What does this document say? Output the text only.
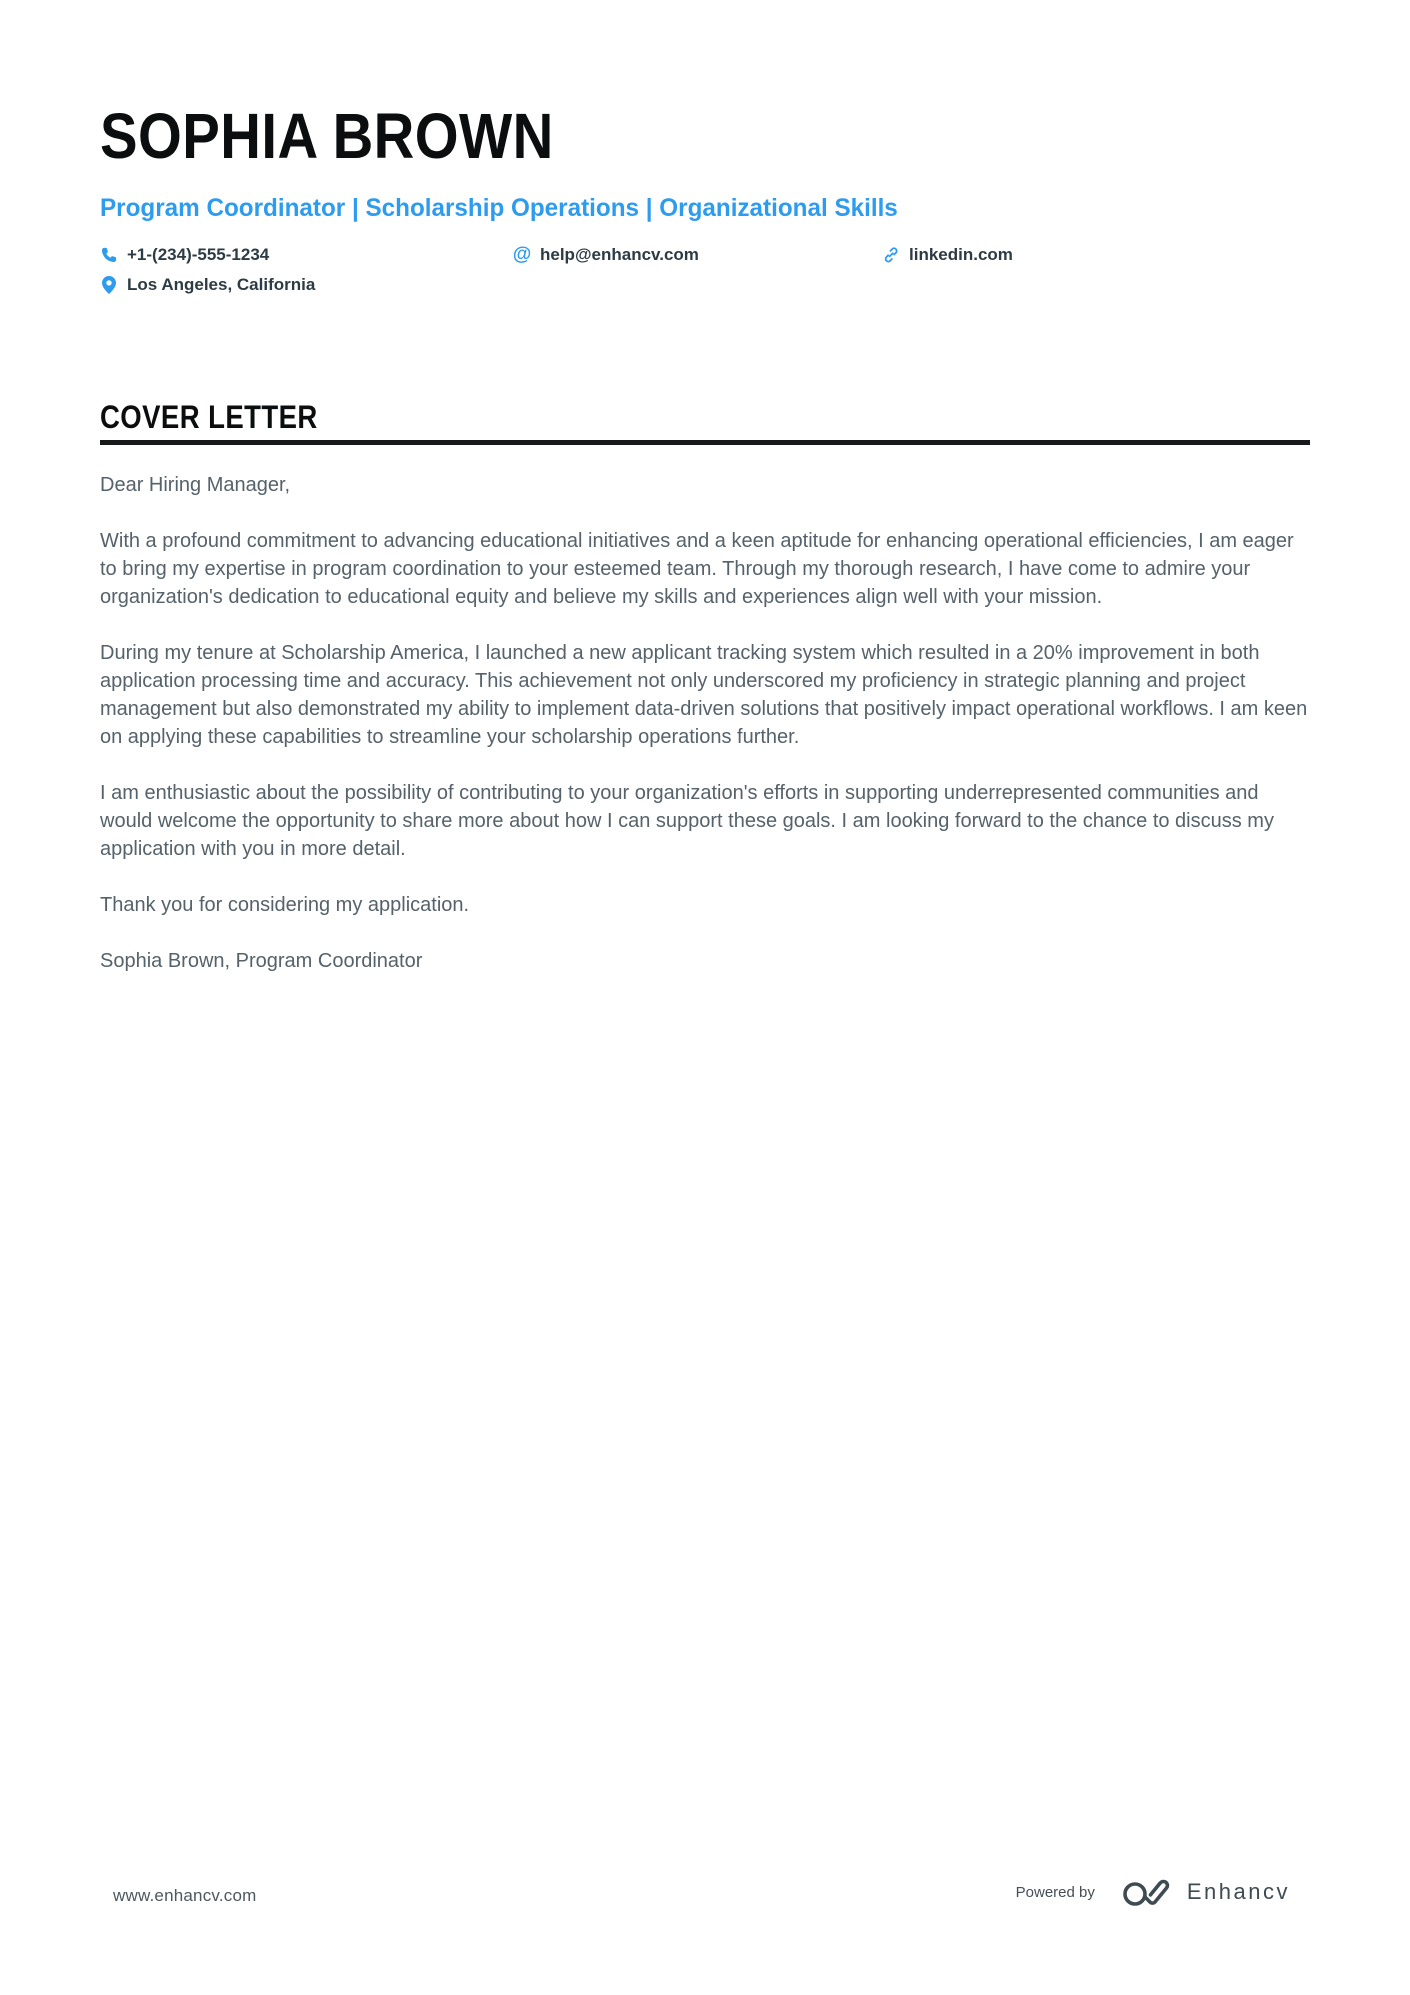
SOPHIA BROWN
Program Coordinator | Scholarship Operations | Organizational Skills
+1-(234)-555-1234	@ help@enhancv.com	linkedin.com
Los Angeles, California
COVER LETTER

Dear Hiring Manager,

With a profound commitment to advancing educational initiatives and a keen aptitude for enhancing operational efficiencies, I am eager to bring my expertise in program coordination to your esteemed team. Through my thorough research, I have come to admire your organization's dedication to educational equity and believe my skills and experiences align well with your mission.

During my tenure at Scholarship America, I launched a new applicant tracking system which resulted in a 20% improvement in both application processing time and accuracy. This achievement not only underscored my proficiency in strategic planning and project management but also demonstrated my ability to implement data-driven solutions that positively impact operational workflows. I am keen on applying these capabilities to streamline your scholarship operations further.

I am enthusiastic about the possibility of contributing to your organization's efforts in supporting underrepresented communities and would welcome the opportunity to share more about how I can support these goals. I am looking forward to the chance to discuss my application with you in more detail.

Thank you for considering my application.

Sophia Brown, Program Coordinator

www.enhancv.com	Powered by	Enhancv
